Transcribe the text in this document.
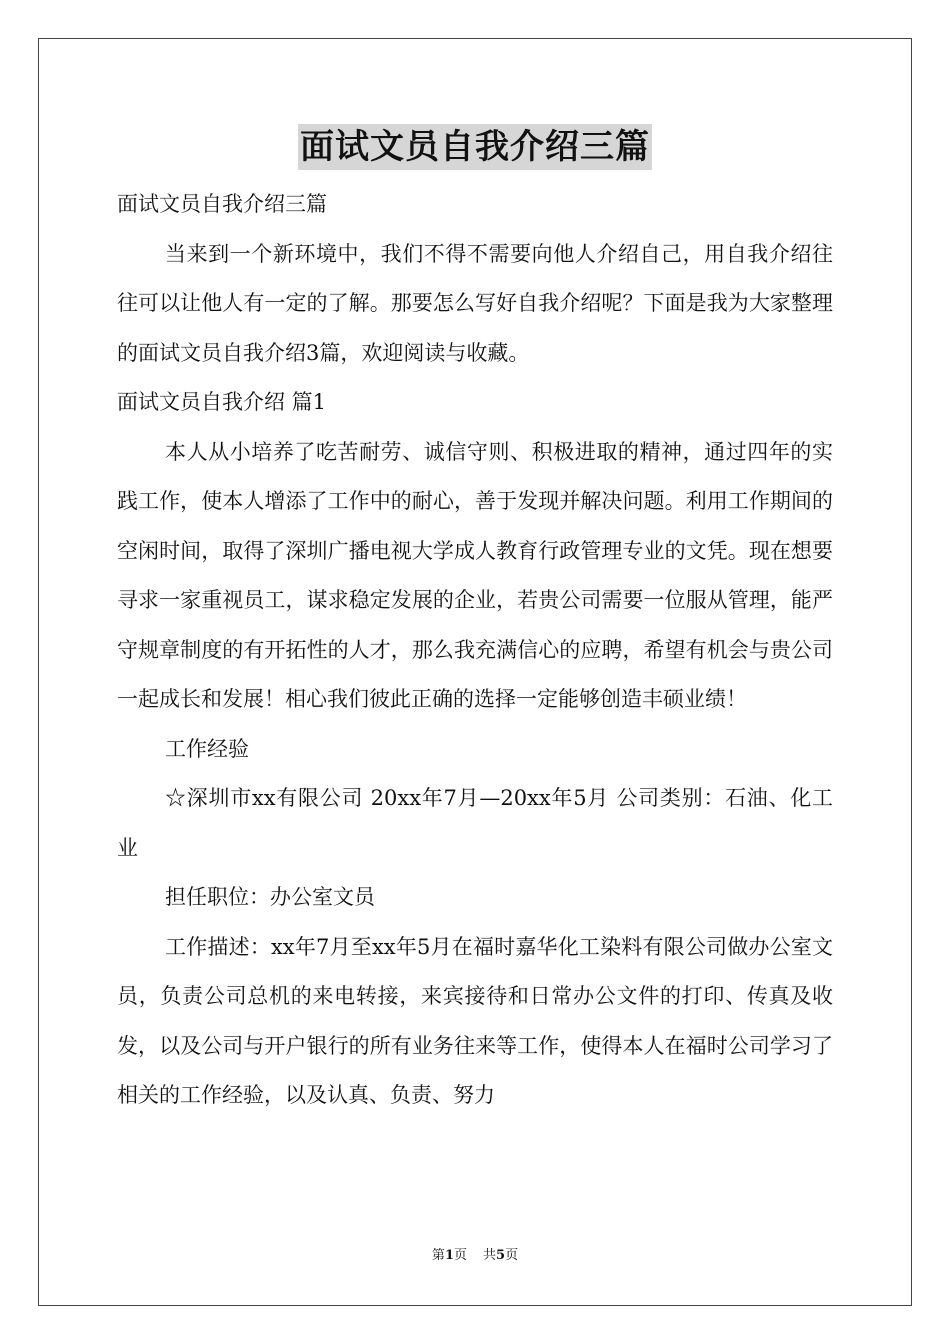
面试文员自我介绍三篇

面试文员自我介绍三篇

当来到一个新环境中，我们不得不需要向他人介绍自己，用自我介绍往往可以让他人有一定的了解。那要怎么写好自我介绍呢？下面是我为大家整理的面试文员自我介绍3篇，欢迎阅读与收藏。

面试文员自我介绍 篇1

本人从小培养了吃苦耐劳、诚信守则、积极进取的精神，通过四年的实践工作，使本人增添了工作中的耐心，善于发现并解决问题。利用工作期间的空闲时间，取得了深圳广播电视大学成人教育行政管理专业的文凭。现在想要寻求一家重视员工，谋求稳定发展的企业，若贵公司需要一位服从管理，能严守规章制度的有开拓性的人才，那么我充满信心的应聘，希望有机会与贵公司一起成长和发展！相心我们彼此正确的选择一定能够创造丰硕业绩！

工作经验

☆深圳市xx有限公司 20xx年7月—20xx年5月 公司类别：石油、化工业

担任职位：办公室文员

工作描述：xx年7月至xx年5月在福时嘉华化工染料有限公司做办公室文员，负责公司总机的来电转接，来宾接待和日常办公文件的打印、传真及收发，以及公司与开户银行的所有业务往来等工作，使得本人在福时公司学习了相关的工作经验，以及认真、负责、努力

第1页 共5页
